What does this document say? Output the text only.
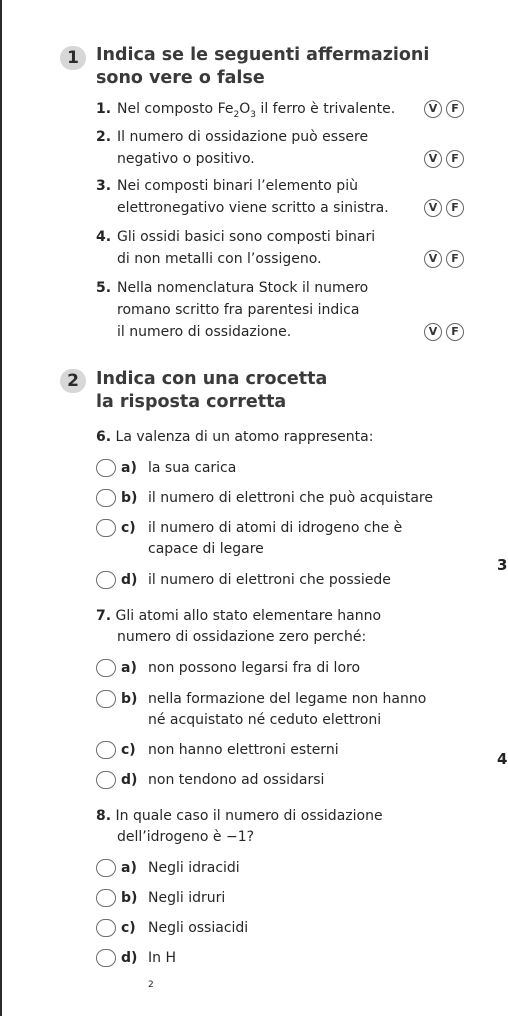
1 Indica se le seguenti affermazioni
sono vere o false
1. Nel composto $Fe_2O_3$ il ferro è trivalente.	V	F
2. Il numero di ossidazione può essere
negativo o positivo.	V	F
3. Nei composti binari l’elemento più
elettronegativo viene scritto a sinistra.	V	F
4. Gli ossidi basici sono composti binari
di non metalli con l’ossigeno.	V	F
5. Nella nomenclatura Stock il numero
romano scritto fra parentesi indica
il numero di ossidazione.	V	F
2 Indica con una crocetta
la risposta corretta
6. La valenza di un atomo rappresenta:
a) la sua carica
b) il numero di elettroni che può acquistare
c) il numero di atomi di idrogeno che è
capace di legare
d) il numero di elettroni che possiede
7. Gli atomi allo stato elementare hanno
numero di ossidazione zero perché:
a) non possono legarsi fra di loro
b) nella formazione del legame non hanno
né acquistato né ceduto elettroni
c) non hanno elettroni esterni
d) non tendono ad ossidarsi
8. In quale caso il numero di ossidazione
dell’idrogeno è −1?
a) Negli idracidi
b) Negli idruri
c) Negli ossiacidi
d) In H
$_2$
3
4
